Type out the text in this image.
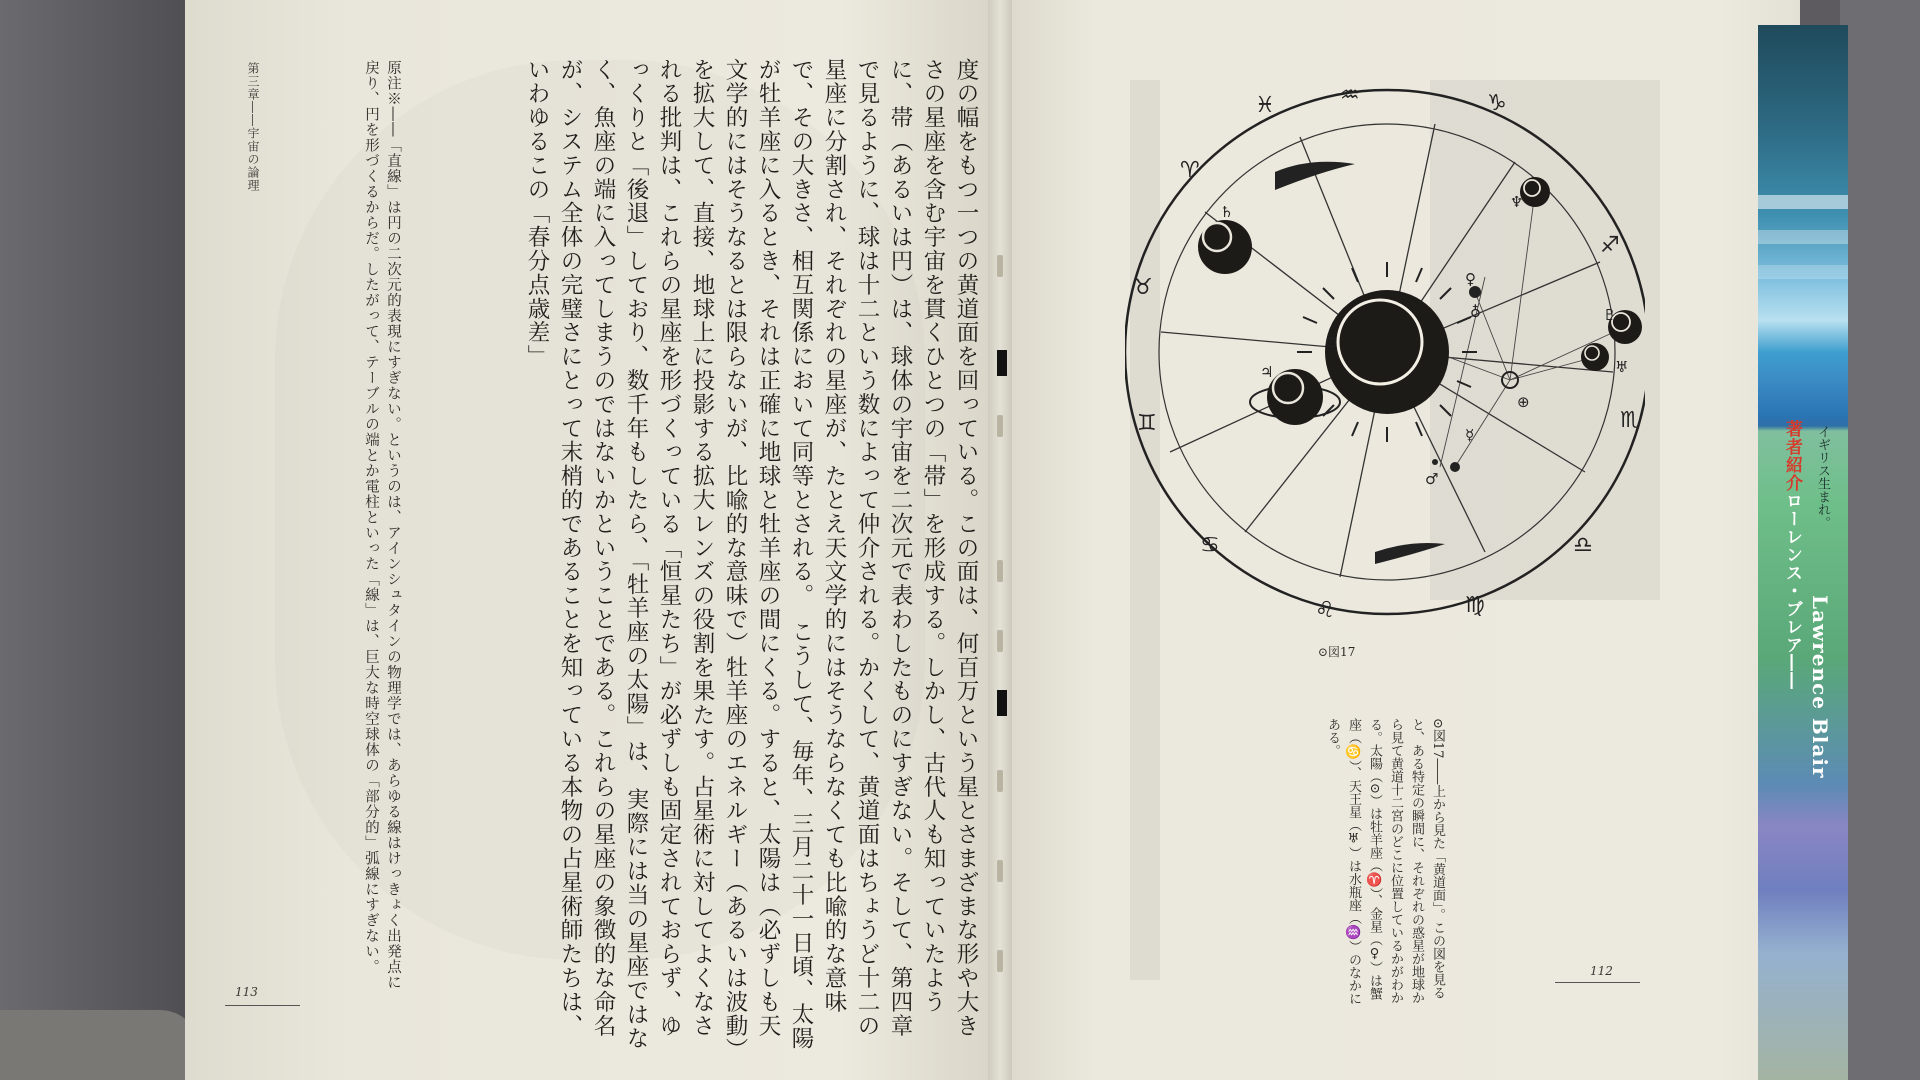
第三章――宇宙の論理	原注※――「直線」は円の二次元的表現にすぎない。というのは、アインシュタインの物理学では、あらゆる線はけっきょく出発点に戻り、円を形づくるからだ。したがって、テーブルの端とか電柱といった「線」は、巨大な時空球体の「部分的」弧線にすぎない。	度の幅をもつ一つの黄道面を回っている。この面は、何百万という星とさまざまな形や大きさの星座を含む宇宙を貫くひとつの「帯」を形成する。しかし、古代人も知っていたように、帯（あるいは円）は、球体の宇宙を二次元で表わしたものにすぎない。そして、第四章で見るように、球は十二という数によって仲介される。かくして、黄道面はちょうど十二の星座に分割され、それぞれの星座が、たとえ天文学的にはそうならなくても比喩的な意味で、その大きさ、相互関係において同等とされる。　こうして、毎年、三月二十一日頃、太陽が牡羊座に入るとき、それは正確に地球と牡羊座の間にくる。すると、太陽は（必ずしも天文学的にはそうなるとは限らないが、比喩的な意味で）牡羊座のエネルギー（あるいは波動）を拡大して、直接、地球上に投影する拡大レンズの役割を果たす。占星術に対してよくなされる批判は、これらの星座を形づくっている「恒星たち」が必ずしも固定されておらず、ゆっくりと「後退」しており、数千年もしたら、「牡羊座の太陽」は、実際には当の星座ではなく、魚座の端に入ってしまうのではないかということである。これらの星座の象徴的な命名が、システム全体の完璧さにとって末梢的であることを知っている本物の占星術師たちは、いわゆるこの「春分点歳差」
113
♒	♑
♐
♏
♎
♍
♌
♋
♊
♉
♈
♓
♄
♅
♆
♃
♀
☿
♂
⊕
⊙
♇
♁
⊙図17
⊙図17――上から見た「黄道面」。この図を見ると、ある特定の瞬間に、それぞれの惑星が地球から見て黄道十二宮のどこに位置しているかがわかる。太陽（⊙）は牡羊座（♈）、金星（♀）は蟹座（♋）、天王星（♅）は水瓶座（♒）のなかにある。
112
著者紹介ローレンス・ブレア―― Lawrence Blair
イギリス生まれ。
